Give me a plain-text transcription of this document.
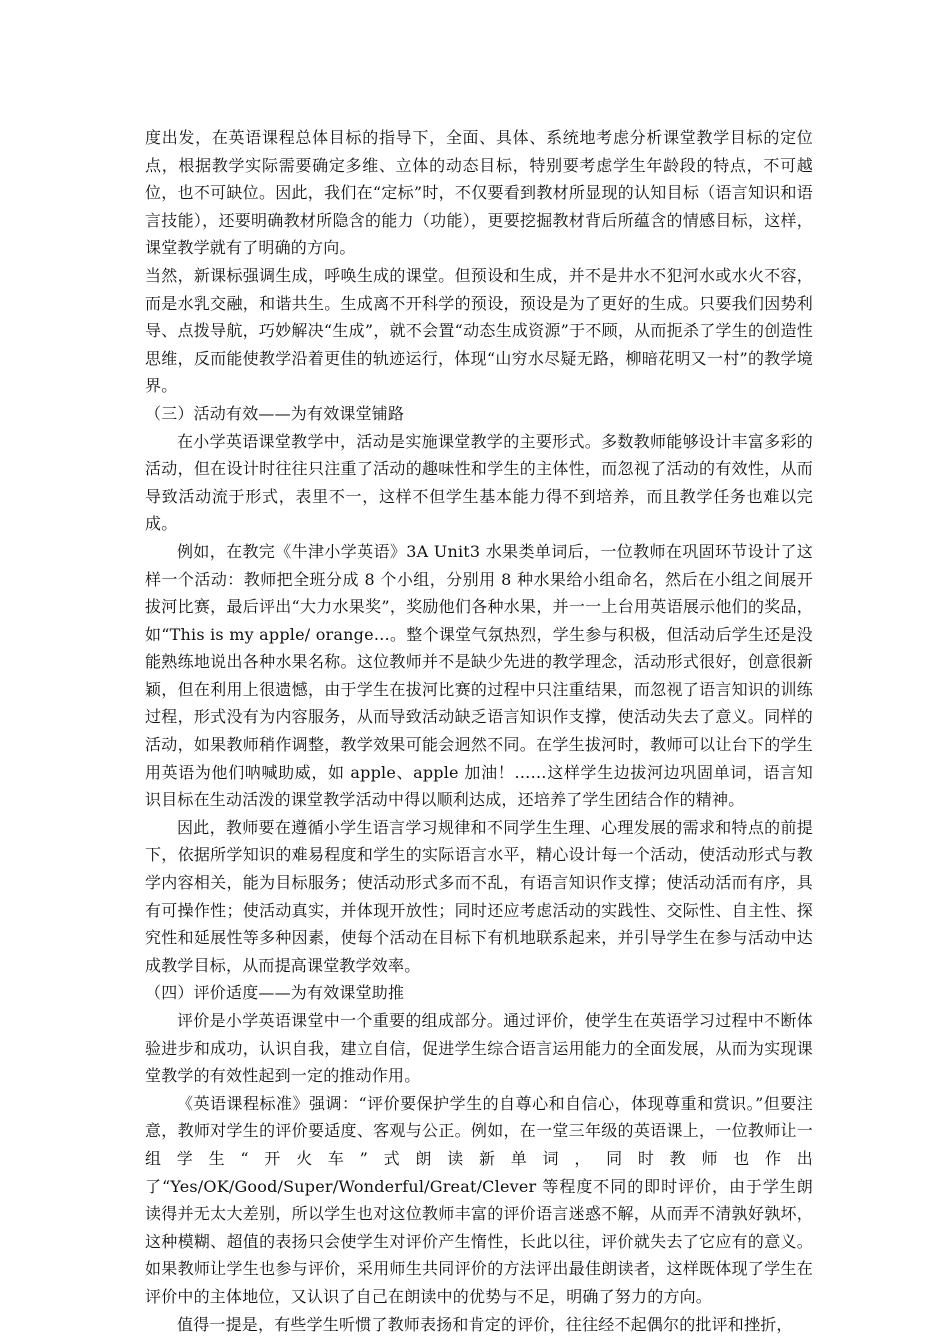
度出发，在英语课程总体目标的指导下，全面、具体、系统地考虑分析课堂教学目标的定位点，根据教学实际需要确定多维、立体的动态目标，特别要考虑学生年龄段的特点，不可越位，也不可缺位。因此，我们在“定标”时，不仅要看到教材所显现的认知目标（语言知识和语言技能），还要明确教材所隐含的能力（功能），更要挖掘教材背后所蕴含的情感目标，这样，课堂教学就有了明确的方向。

当然，新课标强调生成，呼唤生成的课堂。但预设和生成，并不是井水不犯河水或水火不容，而是水乳交融，和谐共生。生成离不开科学的预设，预设是为了更好的生成。只要我们因势利导、点拨导航，巧妙解决“生成”，就不会置“动态生成资源”于不顾，从而扼杀了学生的创造性思维，反而能使教学沿着更佳的轨迹运行，体现“山穷水尽疑无路，柳暗花明又一村”的教学境界。

（三）活动有效——为有效课堂铺路

在小学英语课堂教学中，活动是实施课堂教学的主要形式。多数教师能够设计丰富多彩的活动，但在设计时往往只注重了活动的趣味性和学生的主体性，而忽视了活动的有效性，从而导致活动流于形式，表里不一，这样不但学生基本能力得不到培养，而且教学任务也难以完成。

例如，在教完《牛津小学英语》3A Unit3 水果类单词后，一位教师在巩固环节设计了这样一个活动：教师把全班分成 8 个小组，分别用 8 种水果给小组命名，然后在小组之间展开拔河比赛，最后评出“大力水果奖”，奖励他们各种水果，并一一上台用英语展示他们的奖品，如“This is my apple/ orange…。整个课堂气氛热烈，学生参与积极，但活动后学生还是没能熟练地说出各种水果名称。这位教师并不是缺少先进的教学理念，活动形式很好，创意很新颖，但在利用上很遗憾，由于学生在拔河比赛的过程中只注重结果，而忽视了语言知识的训练过程，形式没有为内容服务，从而导致活动缺乏语言知识作支撑，使活动失去了意义。同样的活动，如果教师稍作调整，教学效果可能会迥然不同。在学生拔河时，教师可以让台下的学生用英语为他们呐喊助威，如 apple、apple 加油！……这样学生边拔河边巩固单词，语言知识目标在生动活泼的课堂教学活动中得以顺利达成，还培养了学生团结合作的精神。

因此，教师要在遵循小学生语言学习规律和不同学生生理、心理发展的需求和特点的前提下，依据所学知识的难易程度和学生的实际语言水平，精心设计每一个活动，使活动形式与教学内容相关，能为目标服务；使活动形式多而不乱，有语言知识作支撑；使活动活而有序，具有可操作性；使活动真实，并体现开放性；同时还应考虑活动的实践性、交际性、自主性、探究性和延展性等多种因素，使每个活动在目标下有机地联系起来，并引导学生在参与活动中达成教学目标，从而提高课堂教学效率。

（四）评价适度——为有效课堂助推

评价是小学英语课堂中一个重要的组成部分。通过评价，使学生在英语学习过程中不断体验进步和成功，认识自我，建立自信，促进学生综合语言运用能力的全面发展，从而为实现课堂教学的有效性起到一定的推动作用。

《英语课程标准》强调：“评价要保护学生的自尊心和自信心，体现尊重和赏识。”但要注意，教师对学生的评价要适度、客观与公正。例如，在一堂三年级的英语课上，一位教师让一组学生“开火车”式朗读新单词，同时教师也作出了“Yes/OK/Good/Super/Wonderful/Great/Clever 等程度不同的即时评价，由于学生朗读得并无太大差别，所以学生也对这位教师丰富的评价语言迷惑不解，从而弄不清孰好孰坏，这种模糊、超值的表扬只会使学生对评价产生惰性，长此以往，评价就失去了它应有的意义。如果教师让学生也参与评价，采用师生共同评价的方法评出最佳朗读者，这样既体现了学生在评价中的主体地位，又认识了自己在朗读中的优势与不足，明确了努力的方向。

值得一提是，有些学生听惯了教师表扬和肯定的评价，往往经不起偶尔的批评和挫折，
